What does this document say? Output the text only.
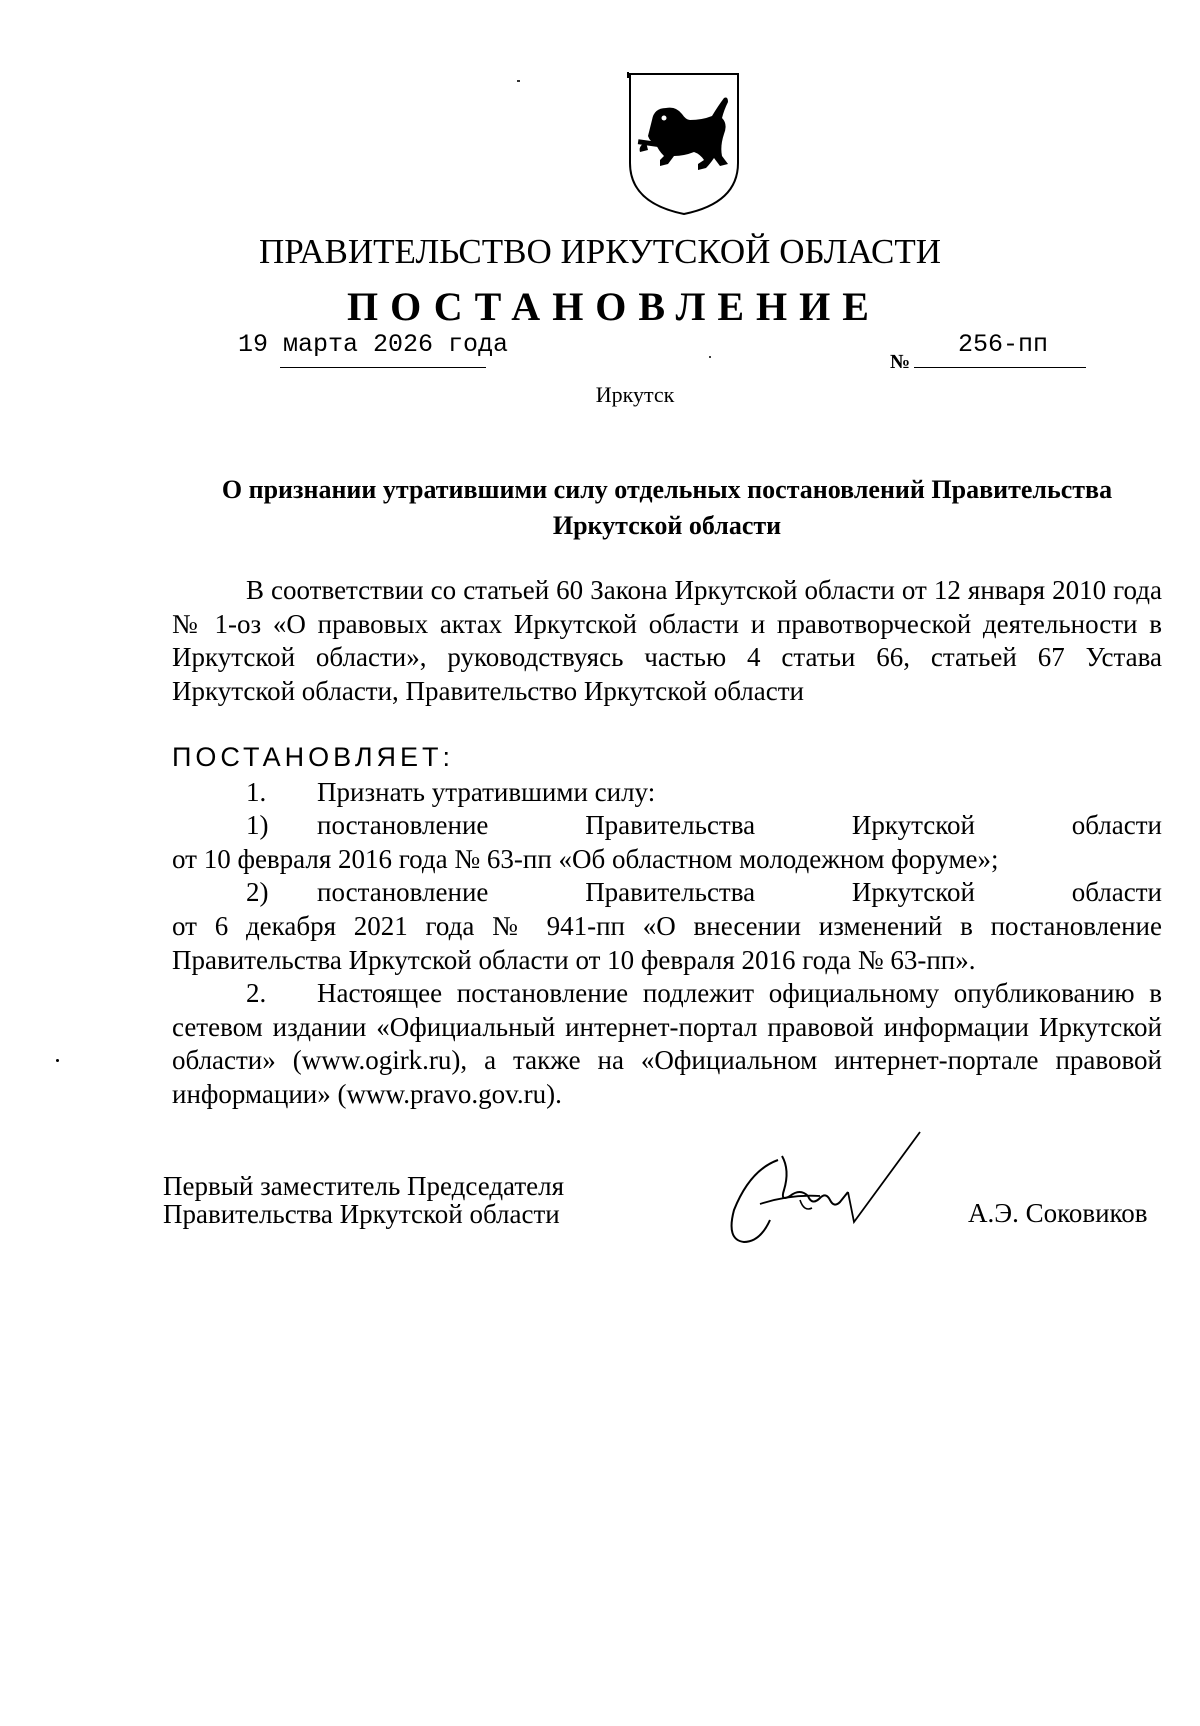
ПРАВИТЕЛЬСТВО ИРКУТСКОЙ ОБЛАСТИ
ПОСТАНОВЛЕНИЕ
19 марта 2026 года
№
256-пп
Иркутск
О признании утратившими силу отдельных постановлений Правительства Иркутской области
В соответствии со статьей 60 Закона Иркутской области от 12 января 2010 года № 1-оз «О правовых актах Иркутской области и правотворческой деятельности в Иркутской области», руководствуясь частью 4 статьи 66, статьей 67 Устава Иркутской области, Правительство Иркутской области
ПОСТАНОВЛЯЕТ:
1. Признать утратившими силу:
1) постановление	Правительства	Иркутской	области
от 10 февраля 2016 года № 63-пп «Об областном молодежном форуме»;
2) постановление	Правительства	Иркутской	области
от 6 декабря 2021 года № 941-пп «О внесении изменений в постановление Правительства Иркутской области от 10 февраля 2016 года № 63-пп».
2. Настоящее постановление подлежит официальному опубликованию в сетевом издании «Официальный интернет-портал правовой информации Иркутской области» (www.ogirk.ru), а также на «Официальном интернет-портале правовой информации» (www.pravo.gov.ru).
Первый заместитель Председателя
Правительства Иркутской области	А.Э. Соковиков
